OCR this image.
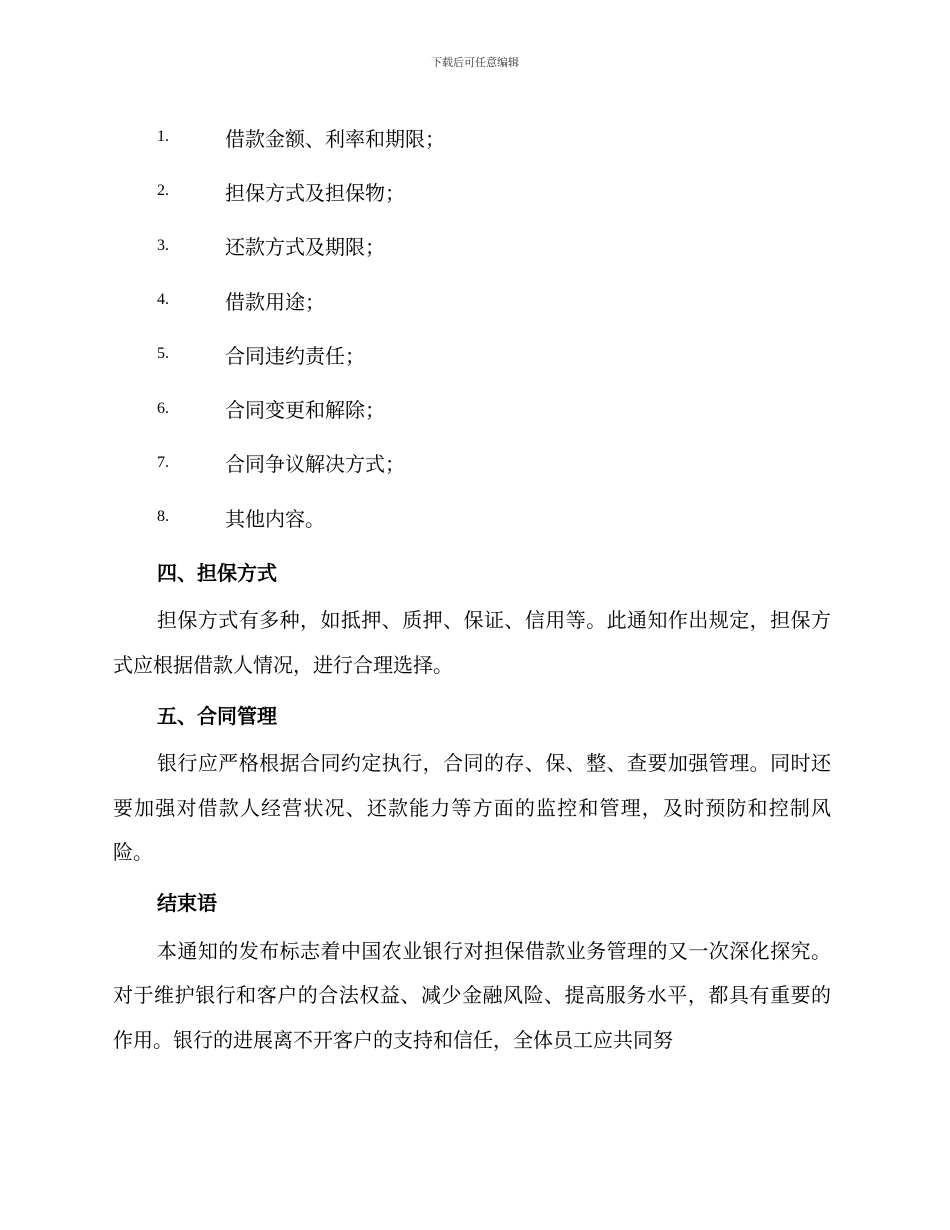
下载后可任意编辑
1.	借款金额、利率和期限；
2.	担保方式及担保物；
3.	还款方式及期限；
4.	借款用途；
5.	合同违约责任；
6.	合同变更和解除；
7.	合同争议解决方式；
8.	其他内容。
四、担保方式

担保方式有多种，如抵押、质押、保证、信用等。此通知作出规定，担保方式应根据借款人情况，进行合理选择。

五、合同管理

银行应严格根据合同约定执行，合同的存、保、整、查要加强管理。同时还要加强对借款人经营状况、还款能力等方面的监控和管理，及时预防和控制风险。

结束语

本通知的发布标志着中国农业银行对担保借款业务管理的又一次深化探究。对于维护银行和客户的合法权益、减少金融风险、提高服务水平，都具有重要的作用。银行的进展离不开客户的支持和信任，全体员工应共同努
